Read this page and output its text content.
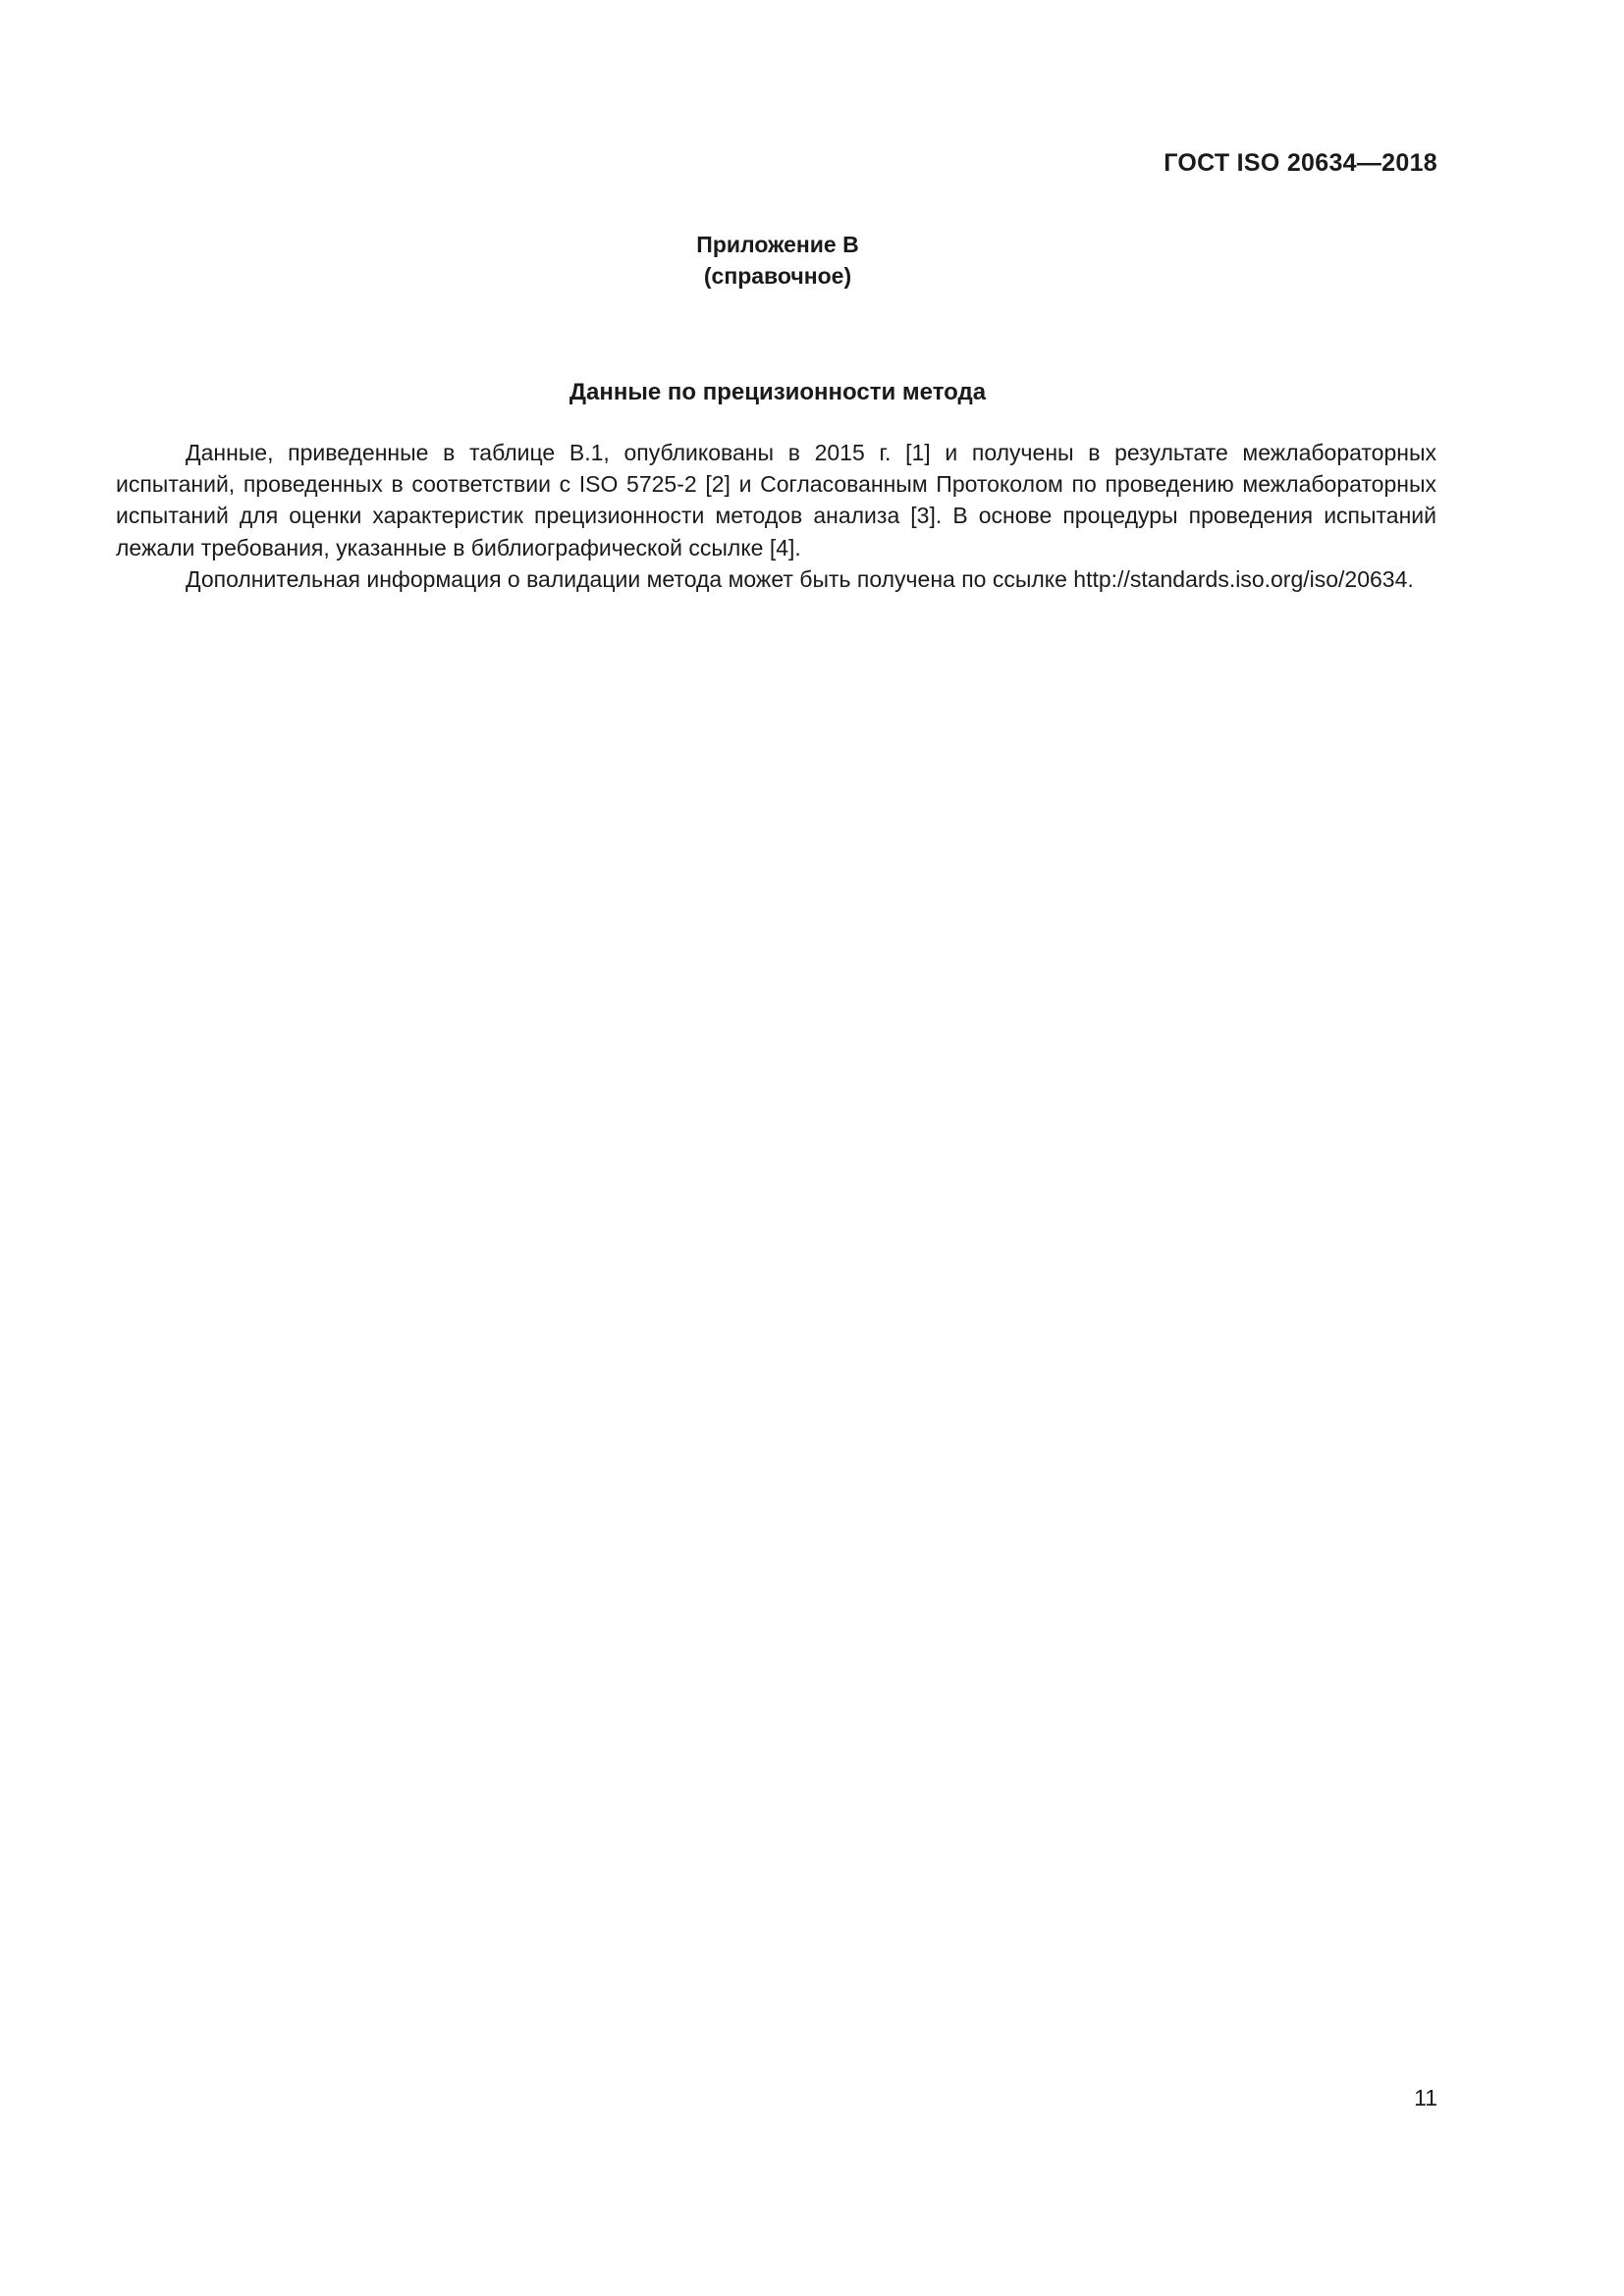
ГОСТ ISO 20634—2018
Приложение В
(справочное)
Данные по прецизионности метода

Данные, приведенные в таблице В.1, опубликованы в 2015 г. [1] и получены в результате межлабораторных испытаний, проведенных в соответствии с ISO 5725-2 [2] и Согласованным Протоколом по проведению межлабораторных испытаний для оценки характеристик прецизионности методов анализа [3]. В основе процедуры проведения испытаний лежали требования, указанные в библиографической ссылке [4].

Дополнительная информация о валидации метода может быть получена по ссылке http://standards.iso.org/iso/20634.

11
